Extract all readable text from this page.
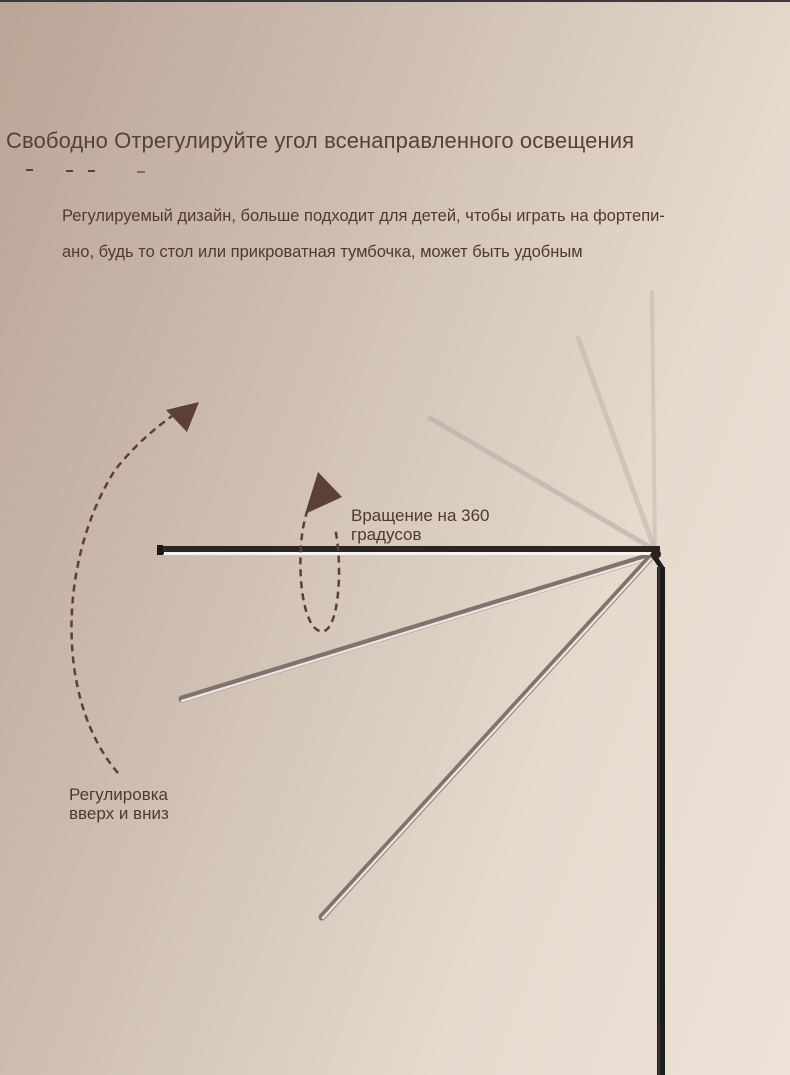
Свободно Отрегулируйте угол всенаправленного освещения

Регулируемый дизайн, больше подходит для детей, чтобы играть на фортепи-
ано, будь то стол или прикроватная тумбочка, может быть удобным

Вращение на 360
градусов

Регулировка
вверх и вниз
